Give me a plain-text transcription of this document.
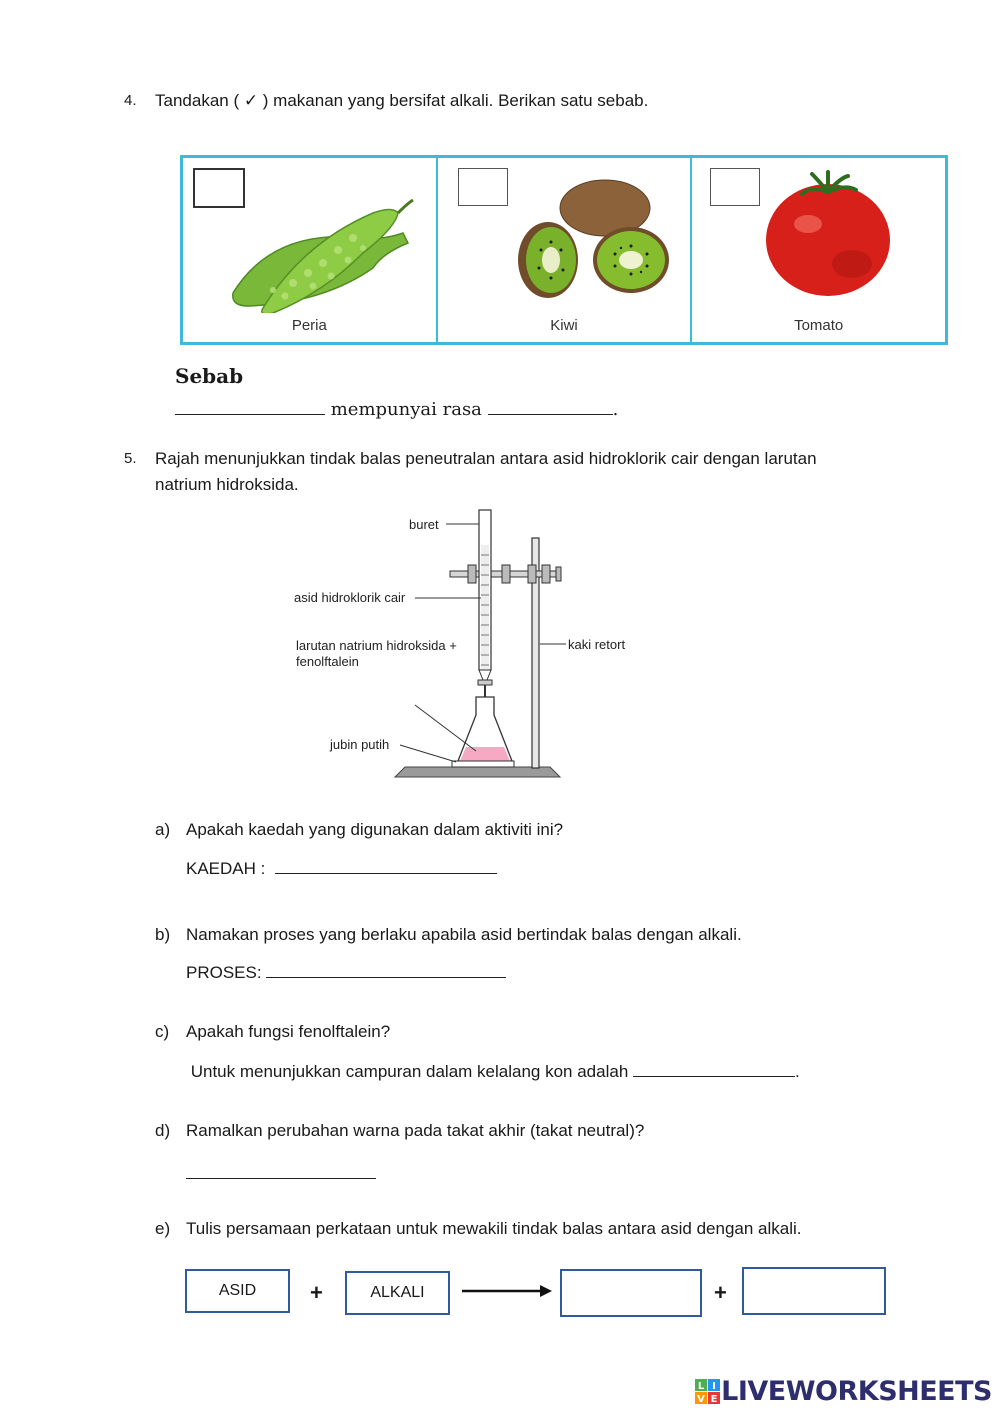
4. Tandakan ( ✓ ) makanan yang bersifat alkali. Berikan satu sebab.
Peria	Kiwi	Tomato
Sebab
mempunyai rasa	.
5. Rajah menunjukkan tindak balas peneutralan antara asid hidroklorik cair dengan larutan
natrium hidroksida.
buret
asid hidroklorik cair
larutan natrium hidroksida +
fenolftalein
kaki retort
jubin putih
a) Apakah kaedah yang digunakan dalam aktiviti ini?
KAEDAH :
b) Namakan proses yang berlaku apabila asid bertindak balas dengan alkali.
PROSES:
c) Apakah fungsi fenolftalein?
Untuk menunjukkan campuran dalam kelalang kon adalah	.
d) Ramalkan perubahan warna pada takat akhir (takat neutral)?
e) Tulis persamaan perkataan untuk mewakili tindak balas antara asid dengan alkali.
ASID	+	ALKALI	+
L I
V E LIVEWORKSHEETS
